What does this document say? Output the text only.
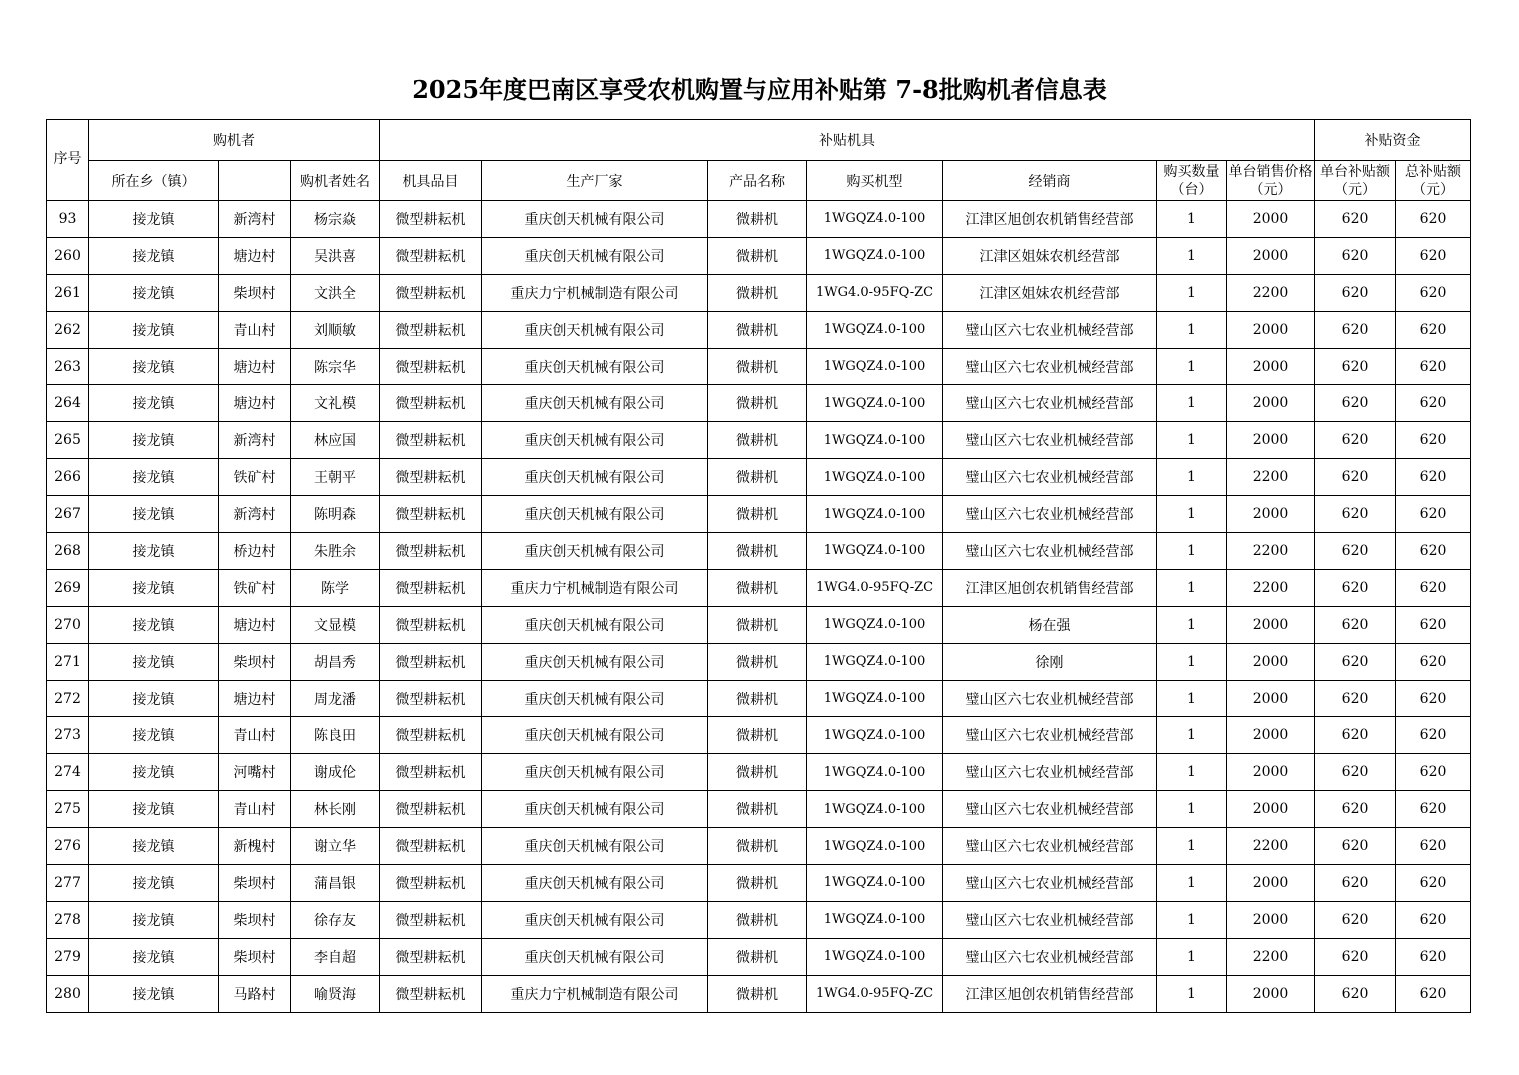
2025年度巴南区享受农机购置与应用补贴第 7-8批购机者信息表
序号	购机者			补贴机具							补贴资金	
	所在乡（镇）		购机者姓名	机具品目	生产厂家	产品名称	购买机型	经销商	购买数量（台）	单台销售价格（元）	单台补贴额（元）	总补贴额（元）
93	接龙镇	新湾村	杨宗焱	微型耕耘机	重庆创天机械有限公司	微耕机	1WGQZ4.0-100	江津区旭创农机销售经营部	1	2000	620	620
260	接龙镇	塘边村	吴洪喜	微型耕耘机	重庆创天机械有限公司	微耕机	1WGQZ4.0-100	江津区姐妹农机经营部	1	2000	620	620
261	接龙镇	柴坝村	文洪全	微型耕耘机	重庆力宁机械制造有限公司	微耕机	1WG4.0-95FQ-ZC	江津区姐妹农机经营部	1	2200	620	620
262	接龙镇	青山村	刘顺敏	微型耕耘机	重庆创天机械有限公司	微耕机	1WGQZ4.0-100	璧山区六七农业机械经营部	1	2000	620	620
263	接龙镇	塘边村	陈宗华	微型耕耘机	重庆创天机械有限公司	微耕机	1WGQZ4.0-100	璧山区六七农业机械经营部	1	2000	620	620
264	接龙镇	塘边村	文礼模	微型耕耘机	重庆创天机械有限公司	微耕机	1WGQZ4.0-100	璧山区六七农业机械经营部	1	2000	620	620
265	接龙镇	新湾村	林应国	微型耕耘机	重庆创天机械有限公司	微耕机	1WGQZ4.0-100	璧山区六七农业机械经营部	1	2000	620	620
266	接龙镇	铁矿村	王朝平	微型耕耘机	重庆创天机械有限公司	微耕机	1WGQZ4.0-100	璧山区六七农业机械经营部	1	2200	620	620
267	接龙镇	新湾村	陈明森	微型耕耘机	重庆创天机械有限公司	微耕机	1WGQZ4.0-100	璧山区六七农业机械经营部	1	2000	620	620
268	接龙镇	桥边村	朱胜余	微型耕耘机	重庆创天机械有限公司	微耕机	1WGQZ4.0-100	璧山区六七农业机械经营部	1	2200	620	620
269	接龙镇	铁矿村	陈学	微型耕耘机	重庆力宁机械制造有限公司	微耕机	1WG4.0-95FQ-ZC	江津区旭创农机销售经营部	1	2200	620	620
270	接龙镇	塘边村	文显模	微型耕耘机	重庆创天机械有限公司	微耕机	1WGQZ4.0-100	杨在强	1	2000	620	620
271	接龙镇	柴坝村	胡昌秀	微型耕耘机	重庆创天机械有限公司	微耕机	1WGQZ4.0-100	徐刚	1	2000	620	620
272	接龙镇	塘边村	周龙潘	微型耕耘机	重庆创天机械有限公司	微耕机	1WGQZ4.0-100	璧山区六七农业机械经营部	1	2000	620	620
273	接龙镇	青山村	陈良田	微型耕耘机	重庆创天机械有限公司	微耕机	1WGQZ4.0-100	璧山区六七农业机械经营部	1	2000	620	620
274	接龙镇	河嘴村	谢成伦	微型耕耘机	重庆创天机械有限公司	微耕机	1WGQZ4.0-100	璧山区六七农业机械经营部	1	2000	620	620
275	接龙镇	青山村	林长刚	微型耕耘机	重庆创天机械有限公司	微耕机	1WGQZ4.0-100	璧山区六七农业机械经营部	1	2000	620	620
276	接龙镇	新槐村	谢立华	微型耕耘机	重庆创天机械有限公司	微耕机	1WGQZ4.0-100	璧山区六七农业机械经营部	1	2200	620	620
277	接龙镇	柴坝村	蒲昌银	微型耕耘机	重庆创天机械有限公司	微耕机	1WGQZ4.0-100	璧山区六七农业机械经营部	1	2000	620	620
278	接龙镇	柴坝村	徐存友	微型耕耘机	重庆创天机械有限公司	微耕机	1WGQZ4.0-100	璧山区六七农业机械经营部	1	2000	620	620
279	接龙镇	柴坝村	李自超	微型耕耘机	重庆创天机械有限公司	微耕机	1WGQZ4.0-100	璧山区六七农业机械经营部	1	2200	620	620
280	接龙镇	马路村	喻贤海	微型耕耘机	重庆力宁机械制造有限公司	微耕机	1WG4.0-95FQ-ZC	江津区旭创农机销售经营部	1	2000	620	620
